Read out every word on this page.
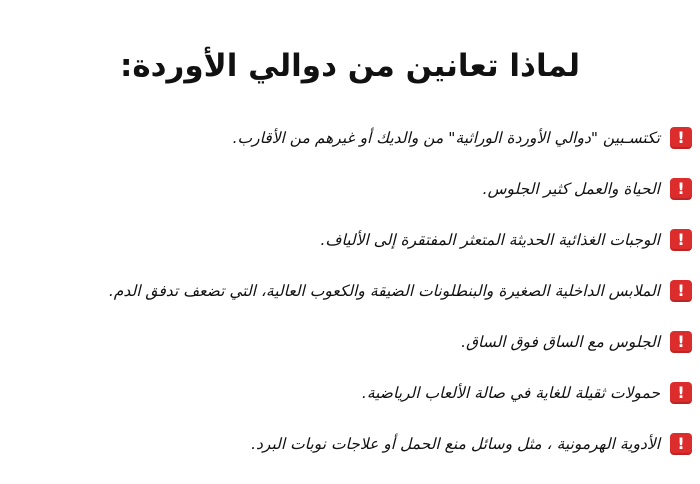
لماذا تعانين من دوالي الأوردة:
!
تكتسـبين "دوالي الأوردة الوراثية" من والديك أو غيرهم من الأقارب.
!
الحياة والعمل كثير الجلوس.
!
الوجبات الغذائية الحديثة المتعثر المفتقرة إلى الألياف.
!
الملابس الداخلية الصغيرة والبنطلونات الضيقة والكعوب العالية، التي تضعف تدفق الدم.
!
الجلوس مع الساق فوق الساق.
!
حمولات ثقيلة للغاية في صالة الألعاب الرياضية.
!
الأدوية الهرمونية ، مثل وسائل منع الحمل أو علاجات نوبات البرد.
